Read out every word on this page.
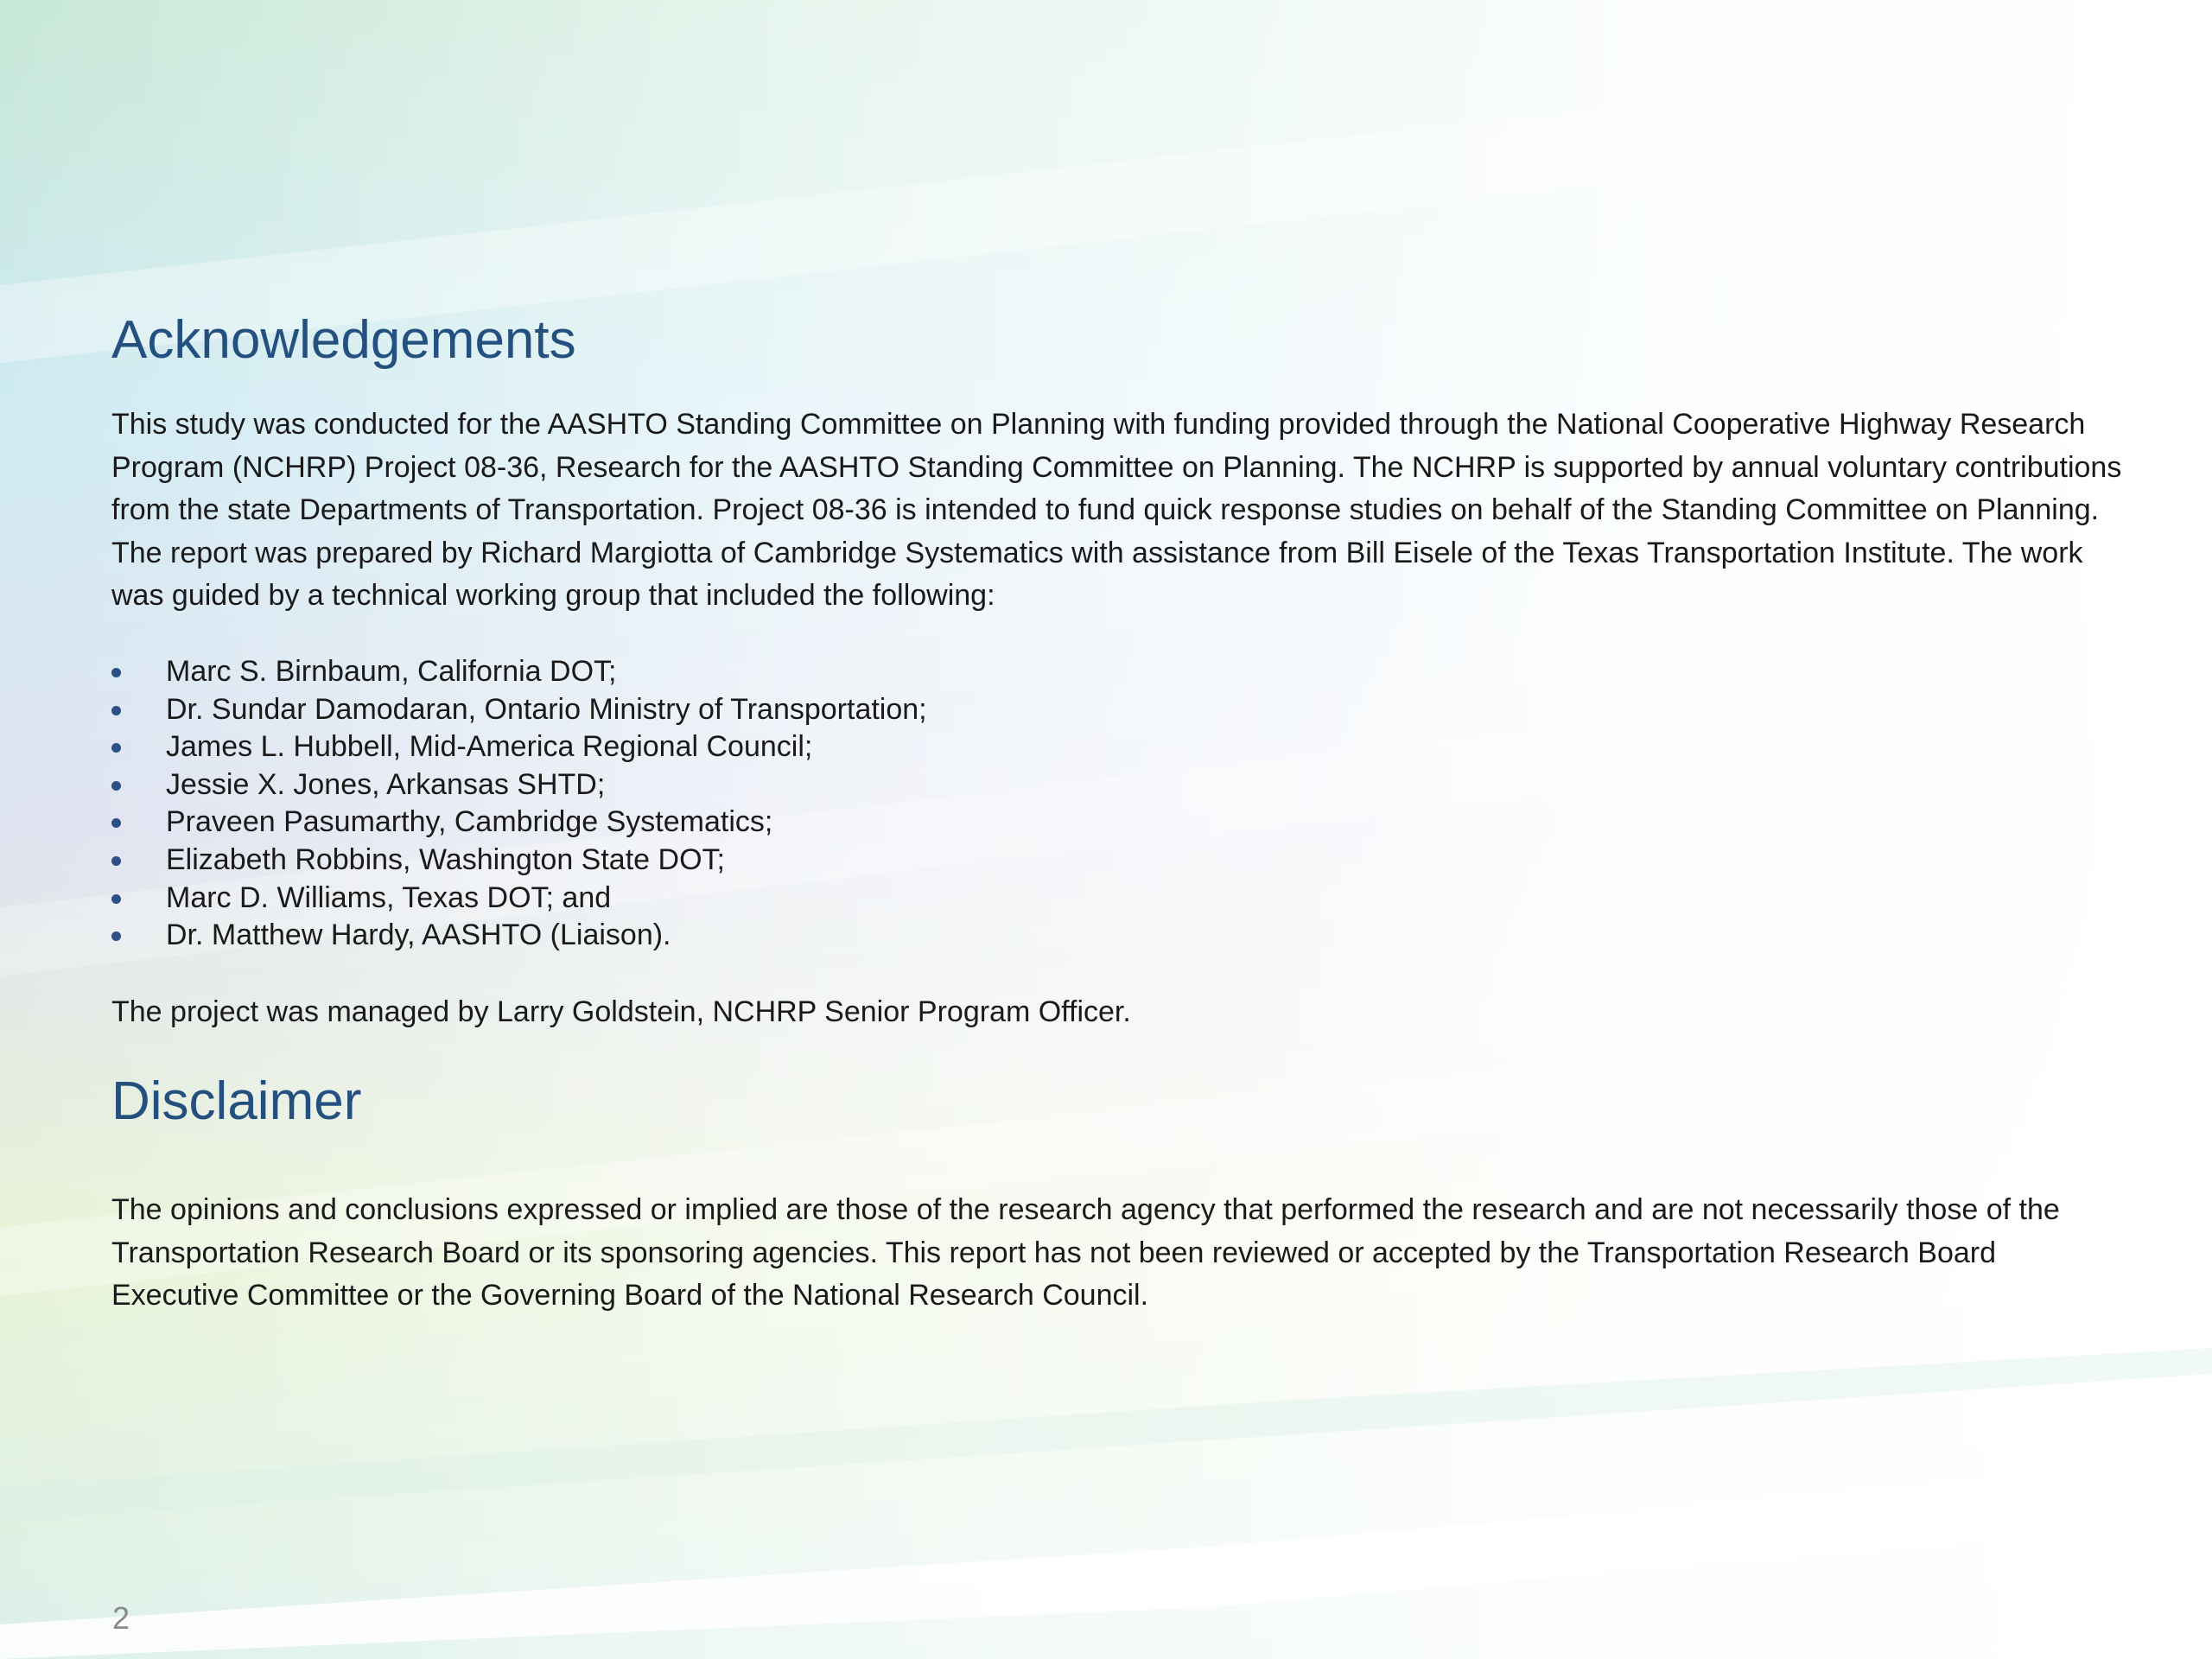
Acknowledgements

This study was conducted for the AASHTO Standing Committee on Planning with funding provided through the National Cooperative Highway Research Program (NCHRP) Project 08-36, Research for the AASHTO Standing Committee on Planning. The NCHRP is supported by annual voluntary contributions from the state Departments of Transportation. Project 08-36 is intended to fund quick response studies on behalf of the Standing Committee on Planning. The report was prepared by Richard Margiotta of Cambridge Systematics with assistance from Bill Eisele of the Texas Transportation Institute. The work was guided by a technical working group that included the following:

Marc S. Birnbaum, California DOT;
Dr. Sundar Damodaran, Ontario Ministry of Transportation;
James L. Hubbell, Mid-America Regional Council;
Jessie X. Jones, Arkansas SHTD;
Praveen Pasumarthy, Cambridge Systematics;
Elizabeth Robbins, Washington State DOT;
Marc D. Williams, Texas DOT; and
Dr. Matthew Hardy, AASHTO (Liaison).

The project was managed by Larry Goldstein, NCHRP Senior Program Officer.

Disclaimer

The opinions and conclusions expressed or implied are those of the research agency that performed the research and are not necessarily those of the Transportation Research Board or its sponsoring agencies. This report has not been reviewed or accepted by the Transportation Research Board Executive Committee or the Governing Board of the National Research Council.

2
